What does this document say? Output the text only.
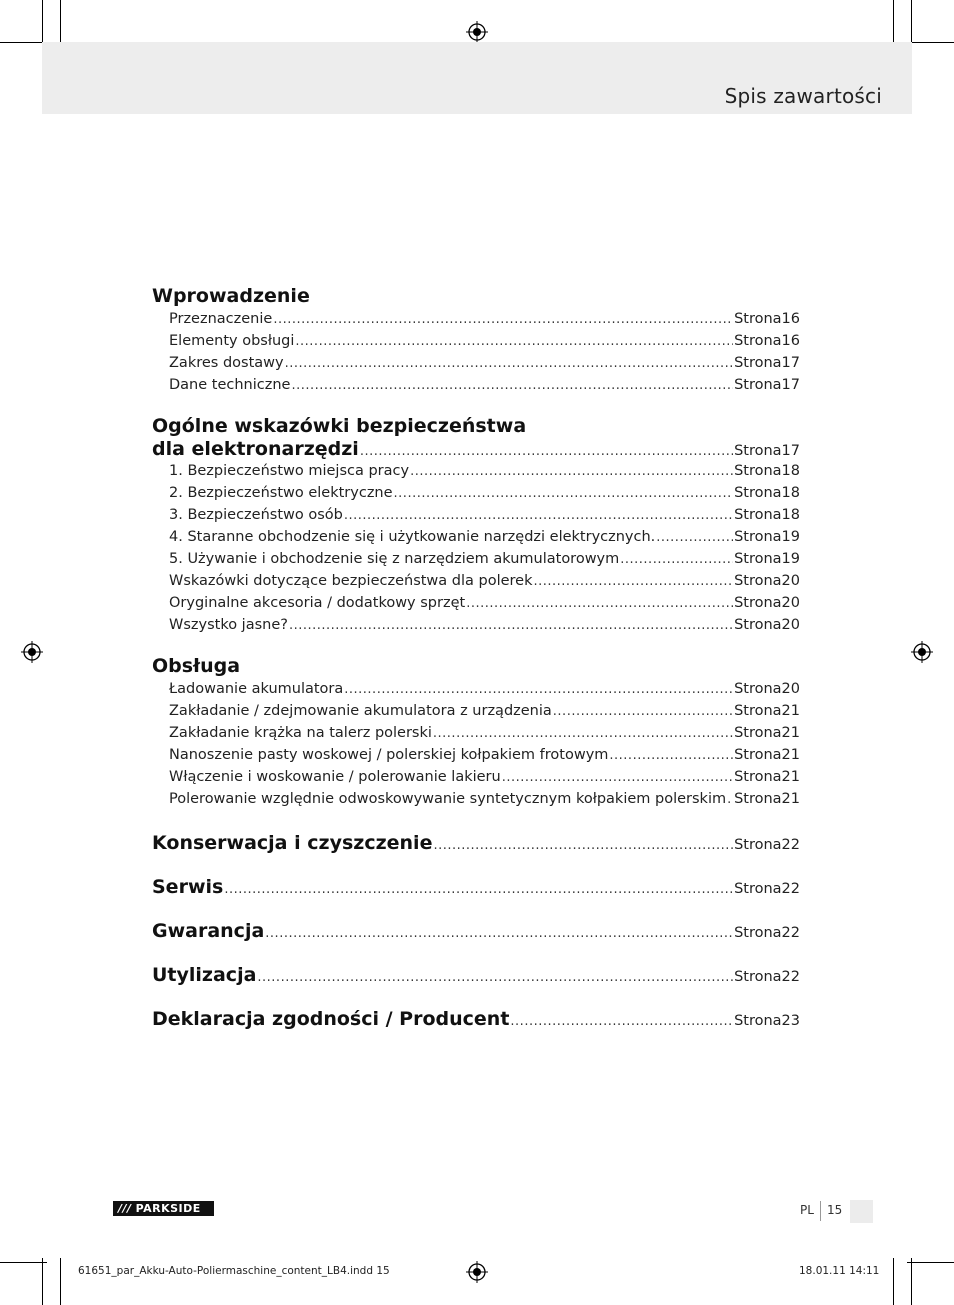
Spis zawartości
Wprowadzenie
Przeznaczenie .....	Strona 16
Elementy obsługi .....	Strona 16
Zakres dostawy .....	Strona 17
Dane techniczne .....	Strona 17
Ogólne wskazówki bezpieczeństwa
dla elektronarzędzi .....	Strona 17
1. Bezpieczeństwo miejsca pracy .....	Strona 18
2. Bezpieczeństwo elektryczne .....	Strona 18
3. Bezpieczeństwo osób .....	Strona 18
4. Staranne obchodzenie się i użytkowanie narzędzi elektrycznych. .....	Strona 19
5. Używanie i obchodzenie się z narzędziem akumulatorowym .....	Strona 19
Wskazówki dotyczące bezpieczeństwa dla polerek .....	Strona 20
Oryginalne akcesoria / dodatkowy sprzęt .....	Strona 20
Wszystko jasne? .....	Strona 20
Obsługa
Ładowanie akumulatora .....	Strona 20
Zakładanie / zdejmowanie akumulatora z urządzenia .....	Strona 21
Zakładanie krążka na talerz polerski .....	Strona 21
Nanoszenie pasty woskowej / polerskiej kołpakiem frotowym .....	Strona 21
Włączenie i woskowanie / polerowanie lakieru .....	Strona 21
Polerowanie względnie odwoskowywanie syntetycznym kołpakiem polerskim ..... Strona 21
Konserwacja i czyszczenie .....	Strona 22
Serwis .....	Strona 22
Gwarancja .....	Strona 22
Utylizacja .....	Strona 22
Deklaracja zgodności / Producent .....	Strona 23
/// PARKSIDE	PL 15
61651_par_Akku-Auto-Poliermaschine_content_LB4.indd 15	18.01.11 14:11
